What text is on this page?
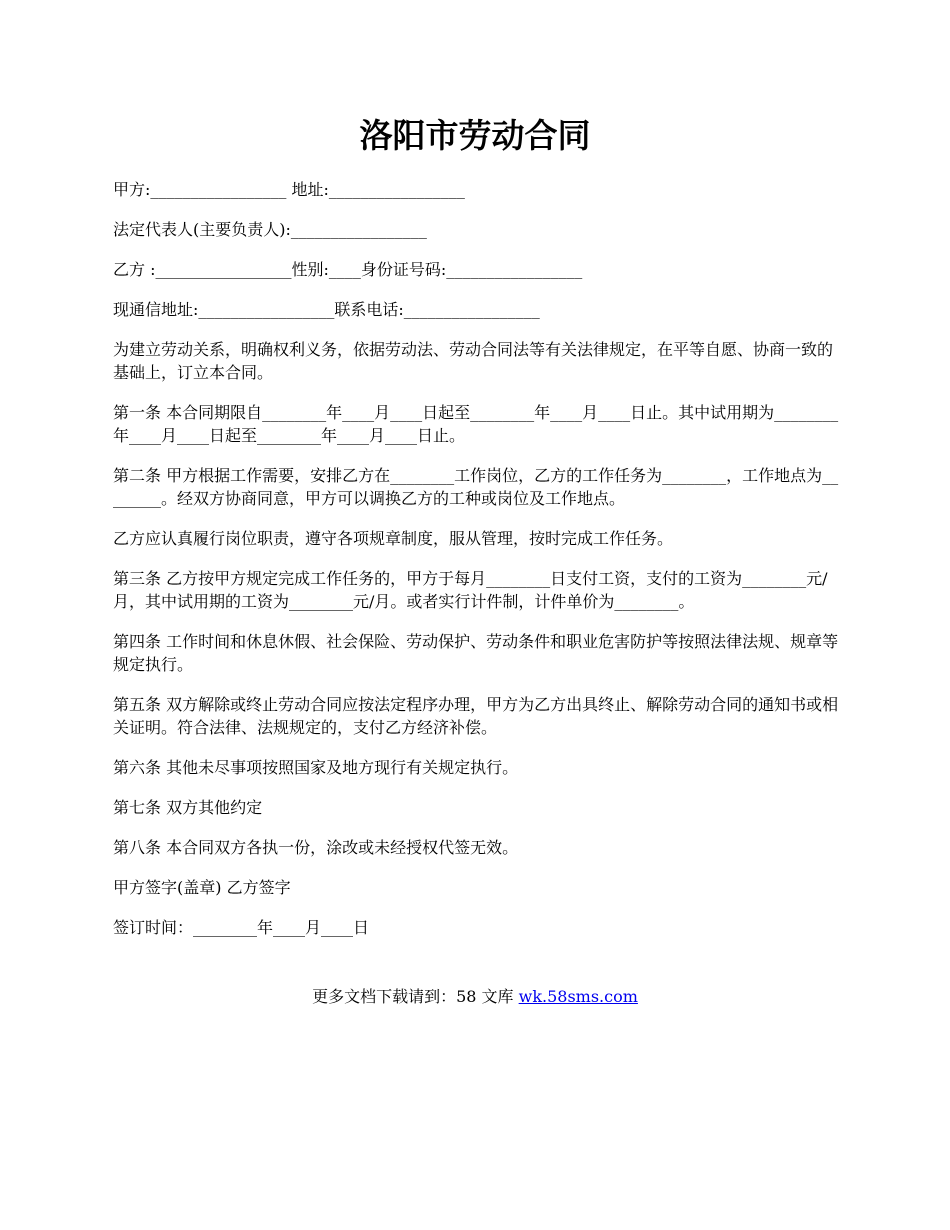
洛阳市劳动合同

甲方:_________________ 地址:_________________

法定代表人(主要负责人):_________________

乙方 :_________________性别:____身份证号码:_________________

现通信地址:_________________联系电话:_________________

为建立劳动关系，明确权利义务，依据劳动法、劳动合同法等有关法律规定，在平等自愿、协商一致的基础上，订立本合同。

第一条 本合同期限自________年____月____日起至________年____月____日止。其中试用期为________年____月____日起至________年____月____日止。

第二条 甲方根据工作需要，安排乙方在________工作岗位，乙方的工作任务为________，工作地点为________。经双方协商同意，甲方可以调换乙方的工种或岗位及工作地点。

乙方应认真履行岗位职责，遵守各项规章制度，服从管理，按时完成工作任务。

第三条 乙方按甲方规定完成工作任务的，甲方于每月________日支付工资，支付的工资为________元/月，其中试用期的工资为________元/月。或者实行计件制，计件单价为________。

第四条 工作时间和休息休假、社会保险、劳动保护、劳动条件和职业危害防护等按照法律法规、规章等规定执行。

第五条 双方解除或终止劳动合同应按法定程序办理，甲方为乙方出具终止、解除劳动合同的通知书或相关证明。符合法律、法规规定的，支付乙方经济补偿。

第六条 其他未尽事项按照国家及地方现行有关规定执行。

第七条 双方其他约定

第八条 本合同双方各执一份，涂改或未经授权代签无效。

甲方签字(盖章) 乙方签字

签订时间：________年____月____日

更多文档下载请到：58 文库 wk.58sms.com
